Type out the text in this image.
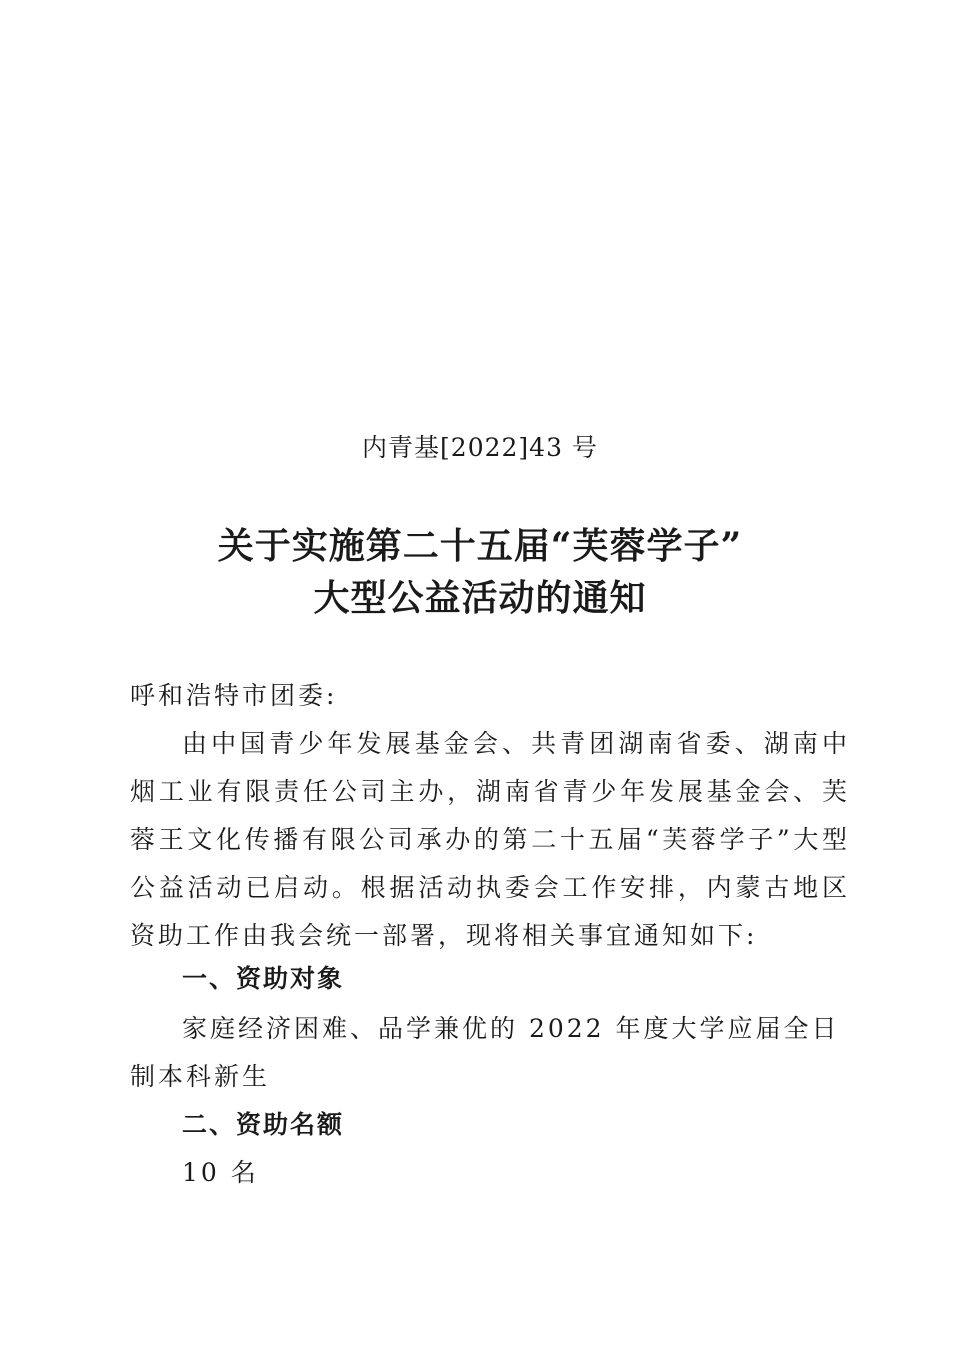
内青基[2022]43 号
关于实施第二十五届“芙蓉学子”
大型公益活动的通知
呼和浩特市团委:
由中国青少年发展基金会、共青团湖南省委、湖南中烟工业有限责任公司主办，湖南省青少年发展基金会、芙蓉王文化传播有限公司承办的第二十五届“芙蓉学子”大型公益活动已启动。根据活动执委会工作安排，内蒙古地区资助工作由我会统一部署，现将相关事宜通知如下:
一、资助对象
家庭经济困难、品学兼优的 2022 年度大学应届全日制本科新生
二、资助名额
10 名
